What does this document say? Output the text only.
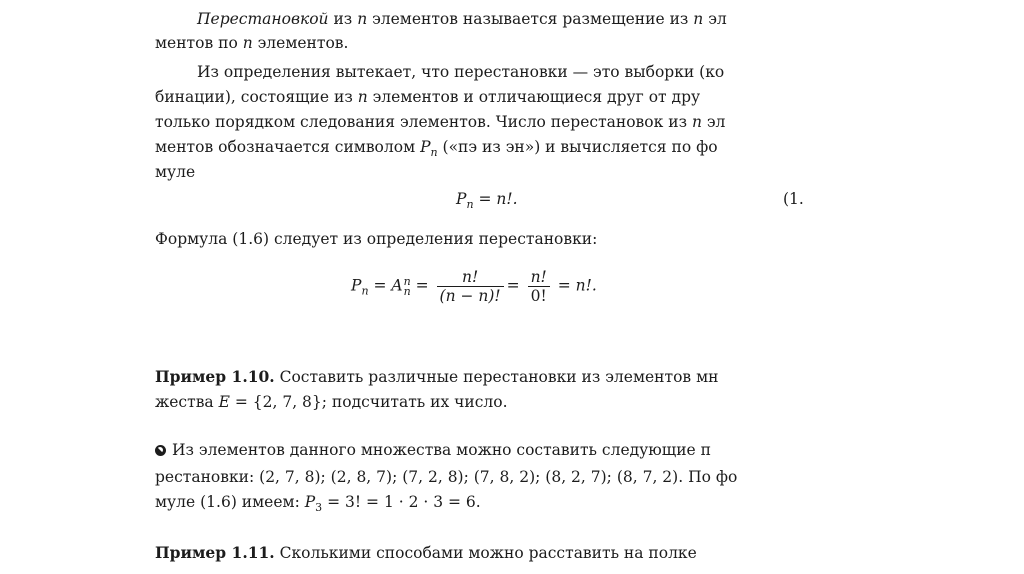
Перестановкой из n элементов называется размещение из n эл
ментов по n элементов.
Из определения вытекает, что перестановки — это выборки (ко
бинации), состоящие из n элементов и отличающиеся друг от дру
только порядком следования элементов. Число перестановок из n эл
ментов обозначается символом $P_n$ («пэ из эн») и вычисляется по фо
муле
$P_n = n$!.	(1.
Формула (1.6) следует из определения перестановки:
$P_n = A$ n
$n = \frac{n!}{(n - n)!} = \frac{n!}{0!} = n$!.
Пример 1.10. Составить различные перестановки из элементов мн
жества E = {2, 7, 8}; подсчитать их число.
Из элементов данного множества можно составить следующие п
рестановки: (2, 7, 8); (2, 8, 7); (7, 2, 8); (7, 8, 2); (8, 2, 7); (8, 7, 2). По фо
муле (1.6) имеем: $P_3 = 3$! = 1 · 2 · 3 = 6.
Пример 1.11. Сколькими способами можно расставить на полке
